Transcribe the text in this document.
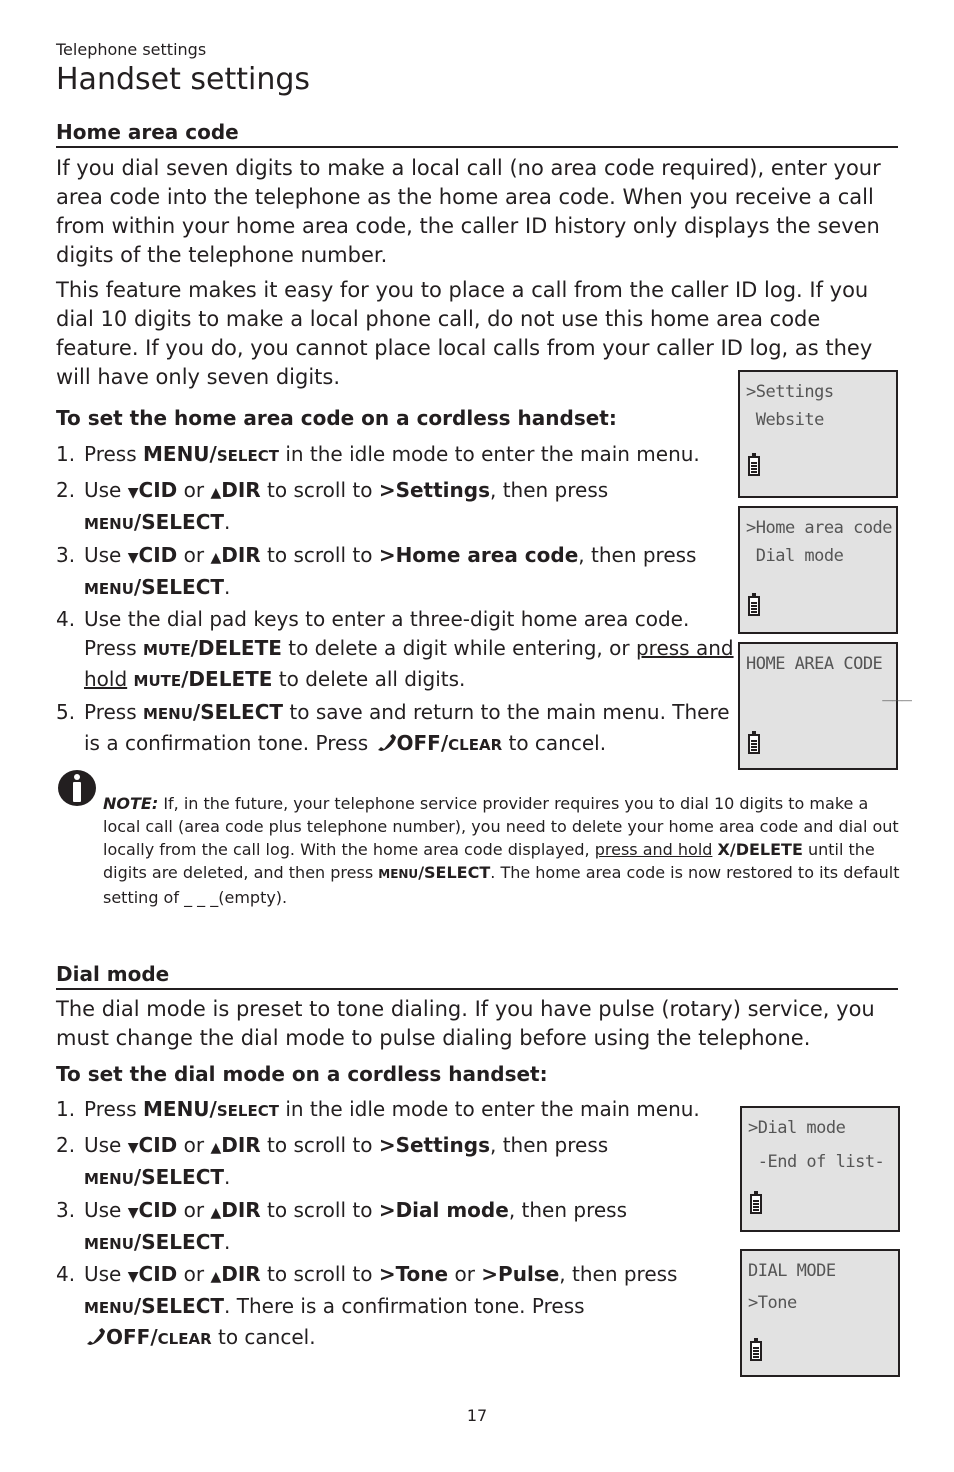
Telephone settings
Handset settings
Home area code
If you dial seven digits to make a local call (no area code required), enter your area code into the telephone as the home area code. When you receive a call from within your home area code, the caller ID history only displays the seven digits of the telephone number.
This feature makes it easy for you to place a call from the caller ID log. If you dial 10 digits to make a local phone call, do not use this home area code feature. If you do, you cannot place local calls from your caller ID log, as they will have only seven digits.
To set the home area code on a cordless handset:
1. Press MENU/SELECT in the idle mode to enter the main menu.
2. Use ▼CID or ▲DIR to scroll to >Settings, then press
MENU/SELECT.
3. Use ▼CID or ▲DIR to scroll to >Home area code, then press MENU/SELECT.
4. Use the dial pad keys to enter a three-digit home area code. Press MUTE/DELETE to delete a digit while entering, or press and hold MUTE/DELETE to delete all digits.
5. Press MENU/SELECT to save and return to the main menu. There is a confirmation tone. Press OFF/CLEAR to cancel.
>Settings
Website
>Home area code
Dial mode
HOME AREA CODE
___
NOTE: If, in the future, your telephone service provider requires you to dial 10 digits to make a local call (area code plus telephone number), you need to delete your home area code and dial out locally from the call log. With the home area code displayed, press and hold X/DELETE until the digits are deleted, and then press MENU/SELECT. The home area code is now restored to its default setting of _ _ _(empty).
Dial mode
The dial mode is preset to tone dialing. If you have pulse (rotary) service, you must change the dial mode to pulse dialing before using the telephone.
To set the dial mode on a cordless handset:
1. Press MENU/SELECT in the idle mode to enter the main menu.
2. Use ▼CID or ▲DIR to scroll to >Settings, then press
MENU/SELECT.
3. Use ▼CID or ▲DIR to scroll to >Dial mode, then press
MENU/SELECT.
4. Use ▼CID or ▲DIR to scroll to >Tone or >Pulse, then press MENU/SELECT. There is a confirmation tone. Press
OFF/CLEAR to cancel.
>Dial mode
-End of list-
DIAL MODE
>Tone
17
